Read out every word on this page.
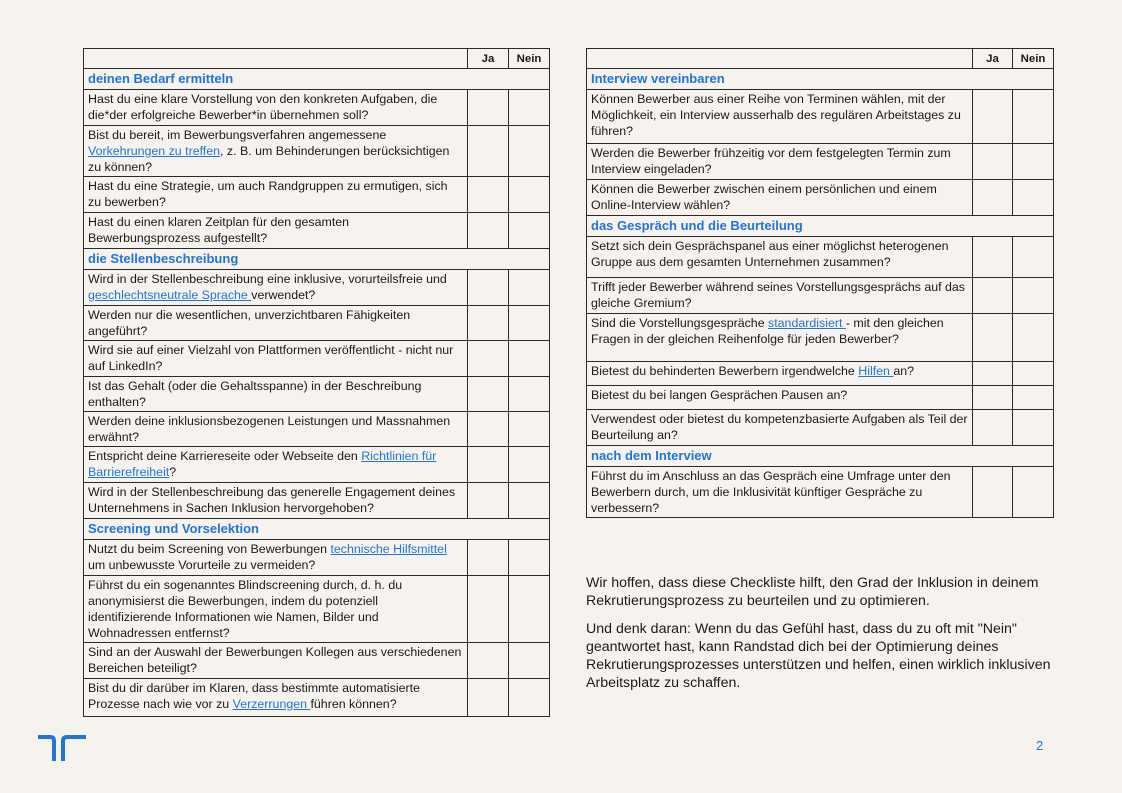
	Ja	Nein
deinen Bedarf ermitteln		
Hast du eine klare Vorstellung von den konkreten Aufgaben, die die*der erfolgreiche Bewerber*in übernehmen soll?		
Bist du bereit, im Bewerbungsverfahren angemessene Vorkehrungen zu treffen, z. B. um Behinderungen berücksichtigen zu können?		
Hast du eine Strategie, um auch Randgruppen zu ermutigen, sich zu bewerben?		
Hast du einen klaren Zeitplan für den gesamten Bewerbungsprozess aufgestellt?		
die Stellenbeschreibung		
Wird in der Stellenbeschreibung eine inklusive, vorurteilsfreie und geschlechtsneutrale Sprache verwendet?		
Werden nur die wesentlichen, unverzichtbaren Fähigkeiten angeführt?		
Wird sie auf einer Vielzahl von Plattformen veröffentlicht - nicht nur auf LinkedIn?		
Ist das Gehalt (oder die Gehaltsspanne) in der Beschreibung enthalten?		
Werden deine inklusionsbezogenen Leistungen und Massnahmen erwähnt?		
Entspricht deine Karriereseite oder Webseite den Richtlinien für Barrierefreiheit?		
Wird in der Stellenbeschreibung das generelle Engagement deines Unternehmens in Sachen Inklusion hervorgehoben?		
Screening und Vorselektion		
Nutzt du beim Screening von Bewerbungen technische Hilfsmittel um unbewusste Vorurteile zu vermeiden?		
Führst du ein sogenanntes Blindscreening durch, d. h. du anonymisierst die Bewerbungen, indem du potenziell identifizierende Informationen wie Namen, Bilder und Wohnadressen entfernst?		
Sind an der Auswahl der Bewerbungen Kollegen aus verschiedenen Bereichen beteiligt?		
Bist du dir darüber im Klaren, dass bestimmte automatisierte Prozesse nach wie vor zu Verzerrungen führen können?		
	Ja	Nein
Interview vereinbaren		
Können Bewerber aus einer Reihe von Terminen wählen, mit der Möglichkeit, ein Interview ausserhalb des regulären Arbeitstages zu führen?		
Werden die Bewerber frühzeitig vor dem festgelegten Termin zum Interview eingeladen?		
Können die Bewerber zwischen einem persönlichen und einem Online-Interview wählen?		
das Gespräch und die Beurteilung		
Setzt sich dein Gesprächspanel aus einer möglichst heterogenen Gruppe aus dem gesamten Unternehmen zusammen?		
Trifft jeder Bewerber während seines Vorstellungsgesprächs auf das gleiche Gremium?		
Sind die Vorstellungsgespräche standardisiert - mit den gleichen Fragen in der gleichen Reihenfolge für jeden Bewerber?		
Bietest du behinderten Bewerbern irgendwelche Hilfen an?		
Bietest du bei langen Gesprächen Pausen an?		
Verwendest oder bietest du kompetenzbasierte Aufgaben als Teil der Beurteilung an?		
nach dem Interview		
Führst du im Anschluss an das Gespräch eine Umfrage unter den Bewerbern durch, um die Inklusivität künftiger Gespräche zu verbessern?		

Wir hoffen, dass diese Checkliste hilft, den Grad der Inklusion in deinem Rekrutierungsprozess zu beurteilen und zu optimieren.

Und denk daran: Wenn du das Gefühl hast, dass du zu oft mit "Nein" geantwortet hast, kann Randstad dich bei der Optimierung deines Rekrutierungsprozesses unterstützen und helfen, einen wirklich inklusiven Arbeitsplatz zu schaffen.

2
